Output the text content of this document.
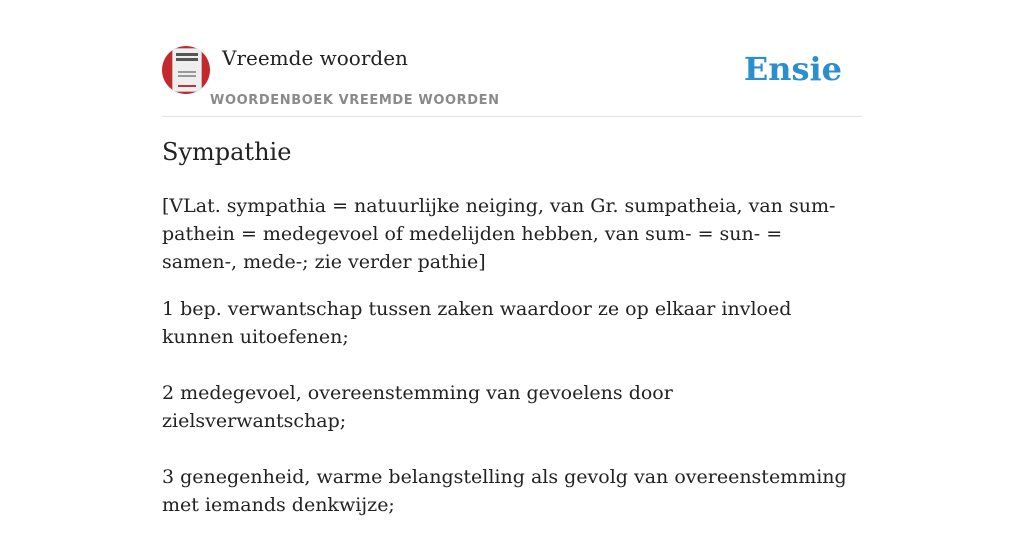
Vreemde woorden
WOORDENBOEK VREEMDE WOORDEN
Ensie
Sympathie

[VLat. sympathia = natuurlijke neiging, van Gr. sumpatheia, van sum-pathein = medegevoel of medelijden hebben, van sum- = sun- = samen-, mede-; zie verder pathie]

1 bep. verwantschap tussen zaken waardoor ze op elkaar invloed kunnen uitoefenen;

2 medegevoel, overeenstemming van gevoelens door zielsverwantschap;

3 genegenheid, warme belangstelling als gevolg van overeenstemming met iemands denkwijze;
